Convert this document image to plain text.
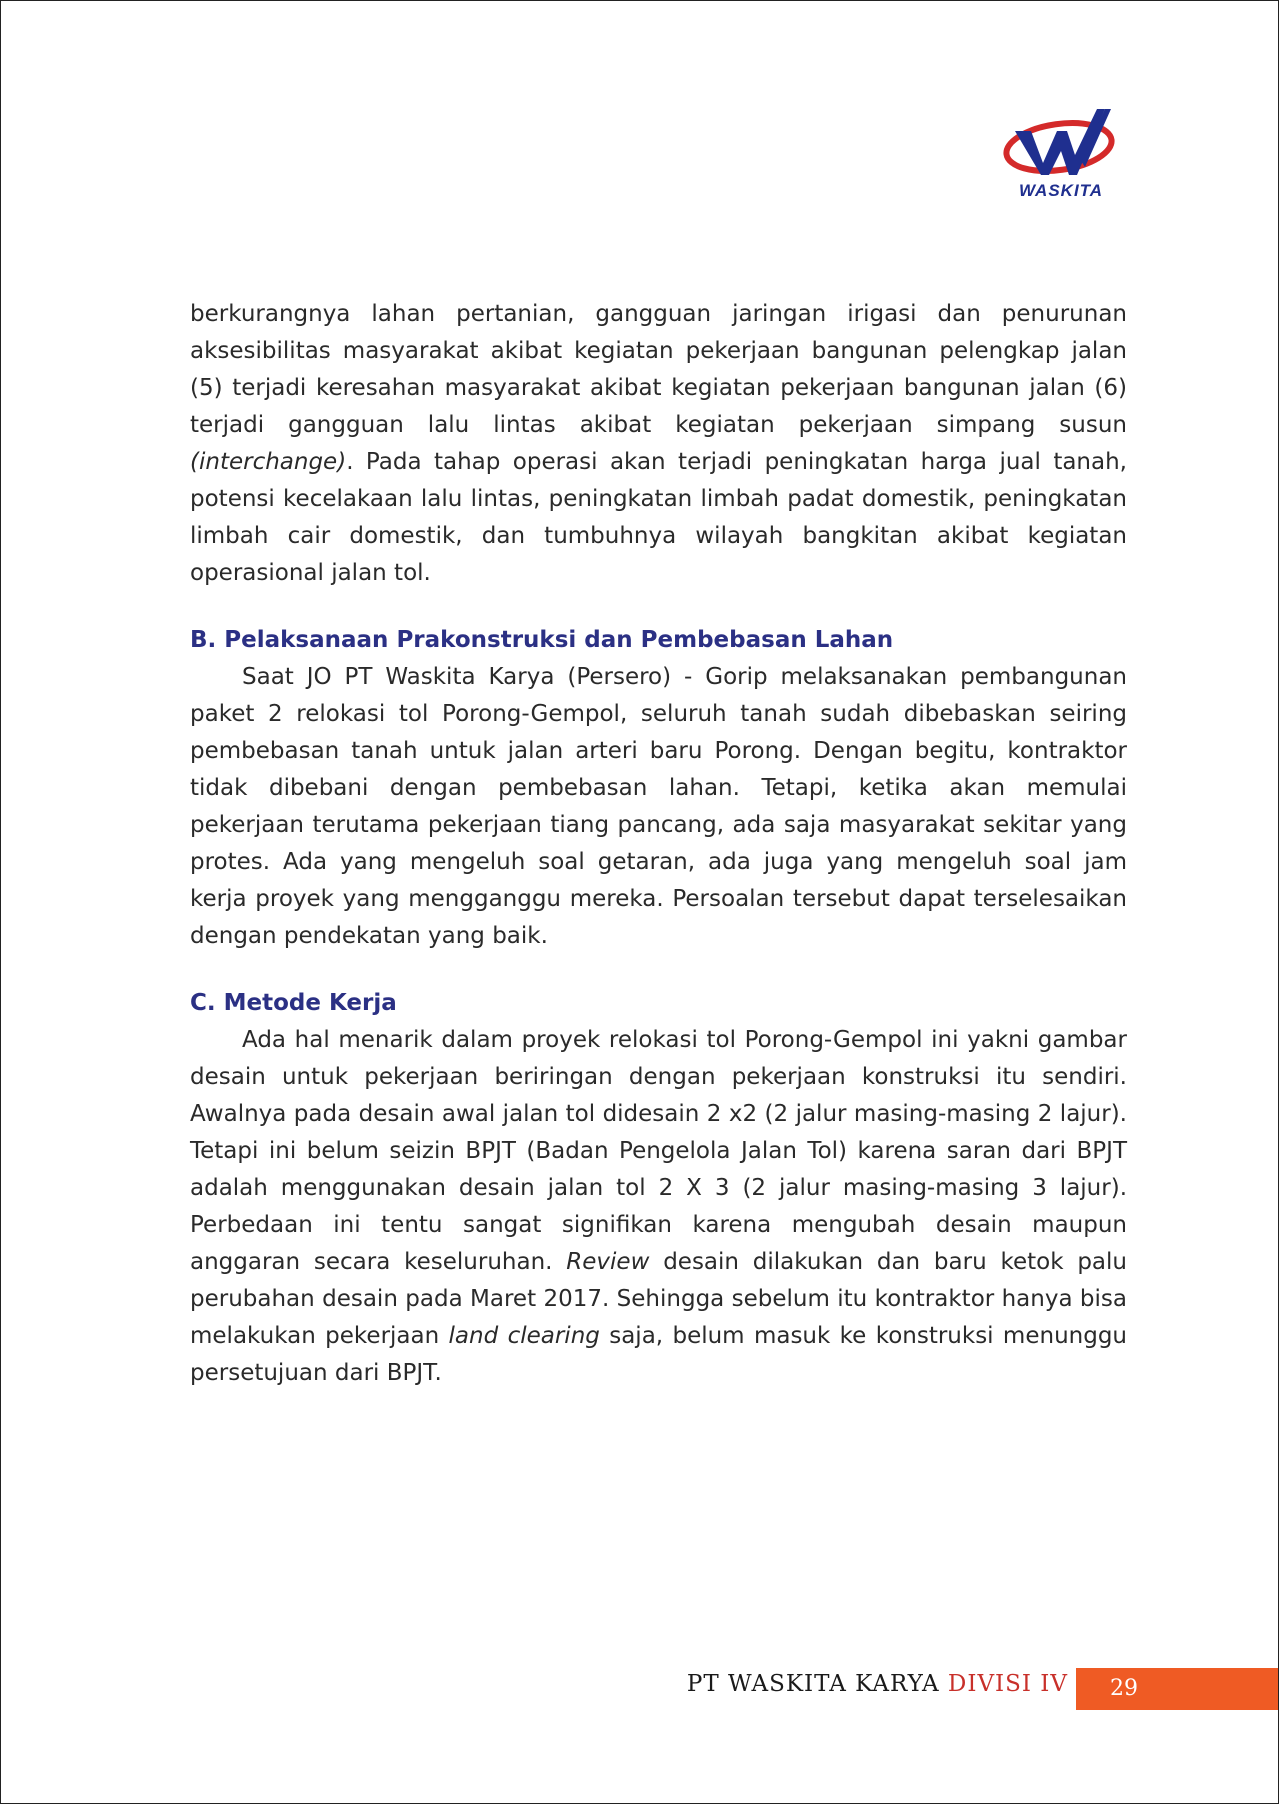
WASKITA

berkurangnya lahan pertanian, gangguan jaringan irigasi dan penurunan aksesibilitas masyarakat akibat kegiatan pekerjaan bangunan pelengkap jalan (5) terjadi keresahan masyarakat akibat kegiatan pekerjaan bangunan jalan (6) terjadi gangguan lalu lintas akibat kegiatan pekerjaan simpang susun (interchange). Pada tahap operasi akan terjadi peningkatan harga jual tanah, potensi kecelakaan lalu lintas, peningkatan limbah padat domestik, peningkatan limbah cair domestik, dan tumbuhnya wilayah bangkitan akibat kegiatan operasional jalan tol.

B. Pelaksanaan Prakonstruksi dan Pembebasan Lahan

Saat JO PT Waskita Karya (Persero) - Gorip melaksanakan pembangunan paket 2 relokasi tol Porong-Gempol, seluruh tanah sudah dibebaskan seiring pembebasan tanah untuk jalan arteri baru Porong. Dengan begitu, kontraktor tidak dibebani dengan pembebasan lahan. Tetapi, ketika akan memulai pekerjaan terutama pekerjaan tiang pancang, ada saja masyarakat sekitar yang protes. Ada yang mengeluh soal getaran, ada juga yang mengeluh soal jam kerja proyek yang mengganggu mereka. Persoalan tersebut dapat terselesaikan dengan pendekatan yang baik.

C. Metode Kerja

Ada hal menarik dalam proyek relokasi tol Porong-Gempol ini yakni gambar desain untuk pekerjaan beriringan dengan pekerjaan konstruksi itu sendiri. Awalnya pada desain awal jalan tol didesain 2 x2 (2 jalur masing-masing 2 lajur). Tetapi ini belum seizin BPJT (Badan Pengelola Jalan Tol) karena saran dari BPJT adalah menggunakan desain jalan tol 2 X 3 (2 jalur masing-masing 3 lajur). Perbedaan ini tentu sangat signifikan karena mengubah desain maupun anggaran secara keseluruhan. Review desain dilakukan dan baru ketok palu perubahan desain pada Maret 2017. Sehingga sebelum itu kontraktor hanya bisa melakukan pekerjaan land clearing saja, belum masuk ke konstruksi menunggu persetujuan dari BPJT.

PT WASKITA KARYA DIVISI IV 29
